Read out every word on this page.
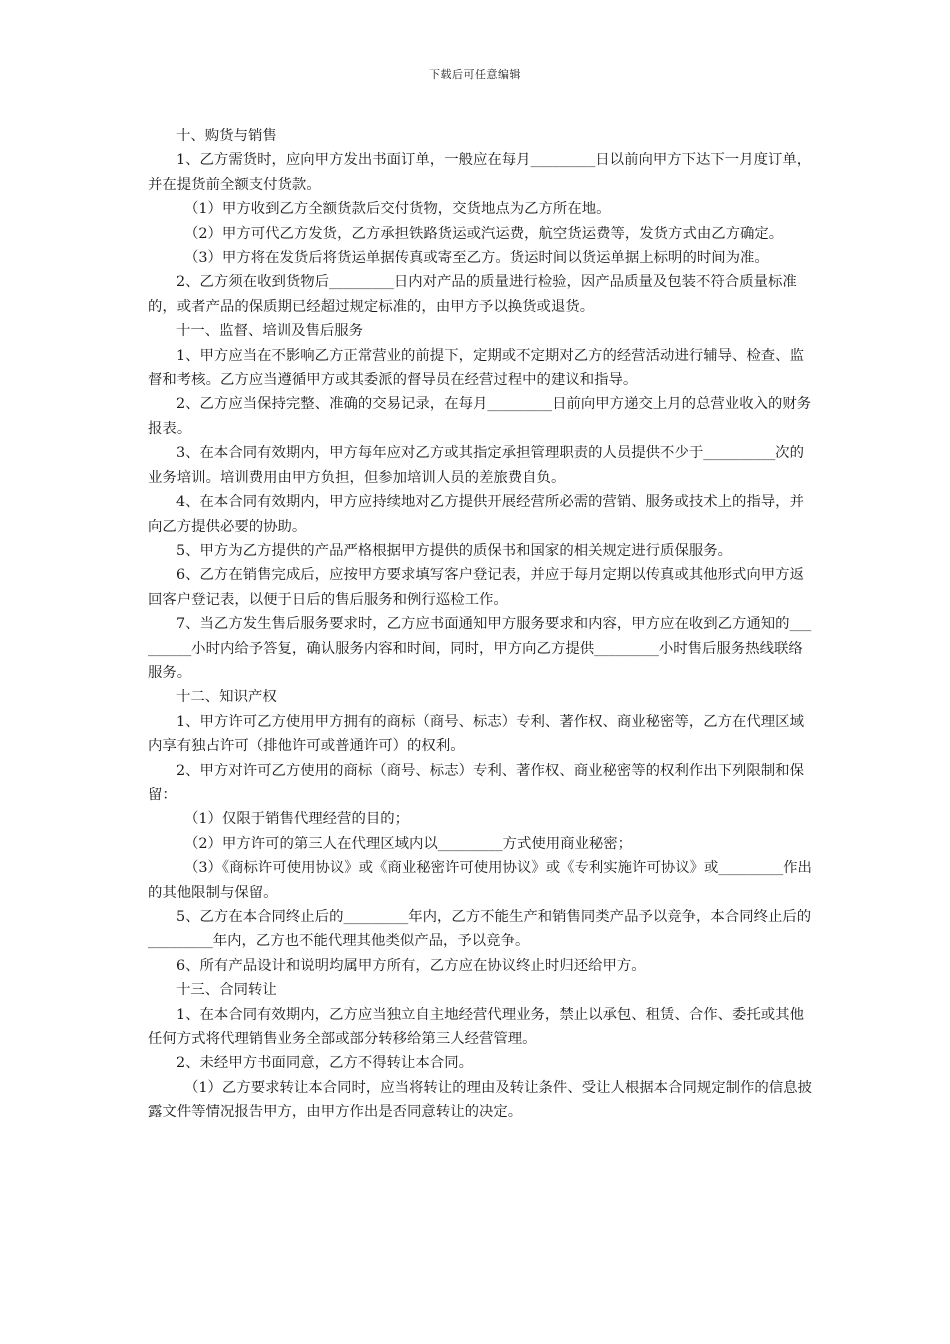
下载后可任意编辑

十、购货与销售

1、乙方需货时，应向甲方发出书面订单，一般应在每月_________日以前向甲方下达下一月度订单，并在提货前全额支付货款。

（1）甲方收到乙方全额货款后交付货物，交货地点为乙方所在地。

（2）甲方可代乙方发货，乙方承担铁路货运或汽运费，航空货运费等，发货方式由乙方确定。

（3）甲方将在发货后将货运单据传真或寄至乙方。货运时间以货运单据上标明的时间为准。

2、乙方须在收到货物后_________日内对产品的质量进行检验，因产品质量及包装不符合质量标准的，或者产品的保质期已经超过规定标准的，由甲方予以换货或退货。

十一、监督、培训及售后服务

1、甲方应当在不影响乙方正常营业的前提下，定期或不定期对乙方的经营活动进行辅导、检查、监督和考核。乙方应当遵循甲方或其委派的督导员在经营过程中的建议和指导。

2、乙方应当保持完整、准确的交易记录，在每月_________日前向甲方递交上月的总营业收入的财务报表。

3、在本合同有效期内，甲方每年应对乙方或其指定承担管理职责的人员提供不少于__________次的业务培训。培训费用由甲方负担，但参加培训人员的差旅费自负。

4、在本合同有效期内，甲方应持续地对乙方提供开展经营所必需的营销、服务或技术上的指导，并向乙方提供必要的协助。

5、甲方为乙方提供的产品严格根据甲方提供的质保书和国家的相关规定进行质保服务。

6、乙方在销售完成后，应按甲方要求填写客户登记表，并应于每月定期以传真或其他形式向甲方返回客户登记表，以便于日后的售后服务和例行巡检工作。

7、当乙方发生售后服务要求时，乙方应书面通知甲方服务要求和内容，甲方应在收到乙方通知的_________小时内给予答复，确认服务内容和时间，同时，甲方向乙方提供_________小时售后服务热线联络服务。

十二、知识产权

1、甲方许可乙方使用甲方拥有的商标（商号、标志）专利、著作权、商业秘密等，乙方在代理区域内享有独占许可（排他许可或普通许可）的权利。

2、甲方对许可乙方使用的商标（商号、标志）专利、著作权、商业秘密等的权利作出下列限制和保留：

（1）仅限于销售代理经营的目的；

（2）甲方许可的第三人在代理区域内以_________方式使用商业秘密；

（3）《商标许可使用协议》或《商业秘密许可使用协议》或《专利实施许可协议》或_________作出的其他限制与保留。

5、乙方在本合同终止后的_________年内，乙方不能生产和销售同类产品予以竞争，本合同终止后的_________年内，乙方也不能代理其他类似产品，予以竞争。

6、所有产品设计和说明均属甲方所有，乙方应在协议终止时归还给甲方。

十三、合同转让

1、在本合同有效期内，乙方应当独立自主地经营代理业务，禁止以承包、租赁、合作、委托或其他任何方式将代理销售业务全部或部分转移给第三人经营管理。

2、未经甲方书面同意，乙方不得转让本合同。

（1）乙方要求转让本合同时，应当将转让的理由及转让条件、受让人根据本合同规定制作的信息披露文件等情况报告甲方，由甲方作出是否同意转让的决定。
